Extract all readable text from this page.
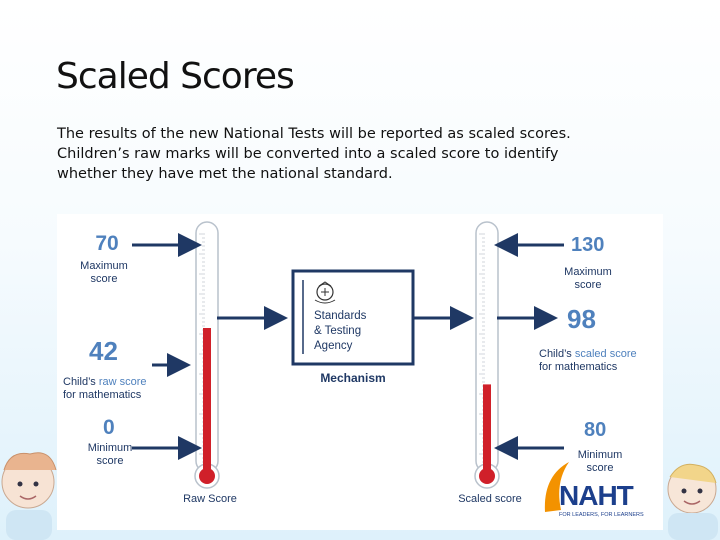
Scaled Scores
The results of the new National Tests will be reported as scaled scores.
Children’s raw marks will be converted into a scaled score to identify
whether they have met the national standard.
70
Maximum
score
42
Child’s raw score
for mathematics
0
Minimum
score
Raw Score
Standards
& Testing
Agency
Mechanism
130
Maximum
score
98
Child’s scaled score
for mathematics
80
Minimum
score
Scaled score	NAHT
FOR LEADERS, FOR LEARNERS
